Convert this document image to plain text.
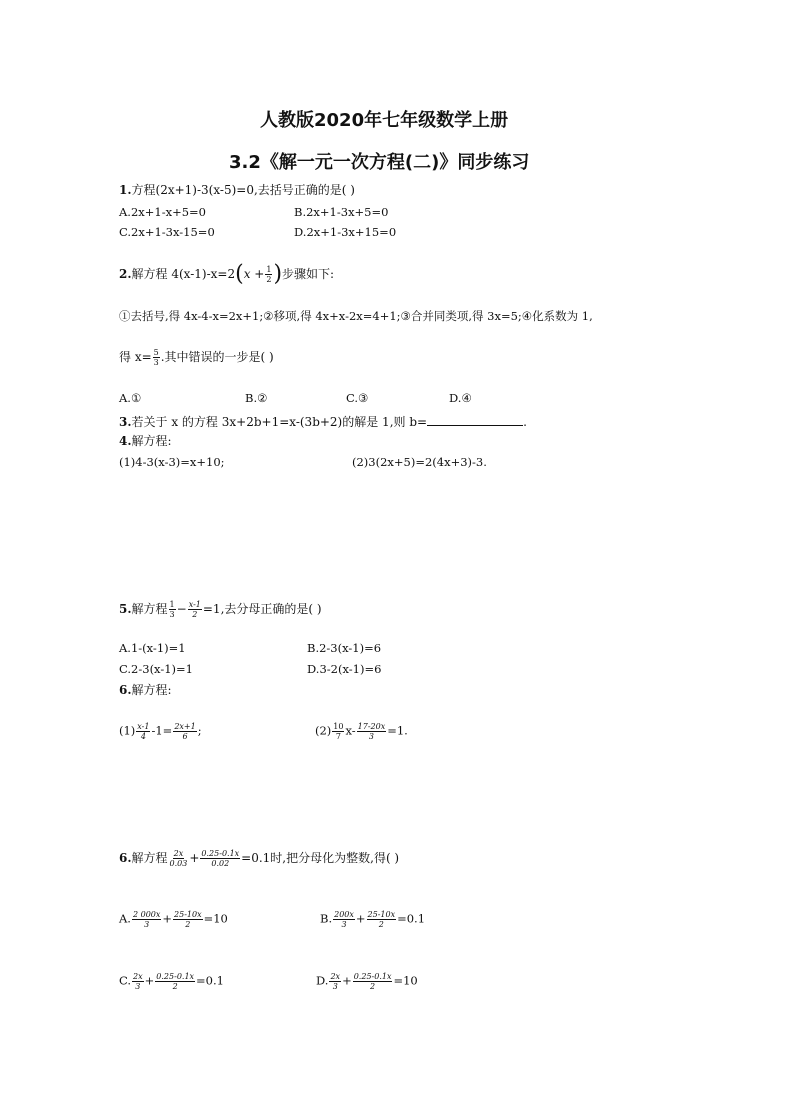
人教版2020年七年级数学上册
3.2《解一元一次方程(二)》同步练习
1.方程(2x+1)-3(x-5)=0,去括号正确的是( )
A.2x+1-x+5=0	B.2x+1-3x+5=0
C.2x+1-3x-15=0	D.2x+1-3x+15=0
2.解方程 $4(x-1)-x=2(x + \frac{1}{2}$ )步骤如下:
①去括号,得 4x-4-x=2x+1;②移项,得 4x+x-2x=4+1;③合并同类项,得 3x=5;④化系数为 1,
得 $x= \frac{5}{3}$ .其中错误的一步是( )
A.①	B.②	C.③	D.④
3.若关于 x 的方程 3x+2b+1=x-(3b+2)的解是 1,则 b=	.
4.解方程:
(1)4-3(x-3)=x+10;	(2)3(2x+5)=2(4x+3)-3.
5.解方程 $\frac{1}{3} - \frac{x-1}{2} =1$,去分母正确的是( )
A.1-(x-1)=1	B.2-3(x-1)=6
C.2-3(x-1)=1	D.3-2(x-1)=6
6.解方程:
$(1) \frac{x-1}{4} -1= \frac{2x+1}{6}$ ;	$(2) \frac{10}{7} x- \frac{17-20x}{3} =1$.
6.解方程 $\frac{2x}{0.03} + \frac{0.25-0.1x}{0.02} =0.1$时,把分母化为整数,得( )
A. $\frac{2 000x}{3} + \frac{25-10x}{2} =10$	B. $\frac{200x}{3} + \frac{25-10x}{2} =0.1$
C. $\frac{2x}{3} + \frac{0.25-0.1x}{2} =0.1$	D. $\frac{2x}{3} + \frac{0.25-0.1x}{2} =10$
